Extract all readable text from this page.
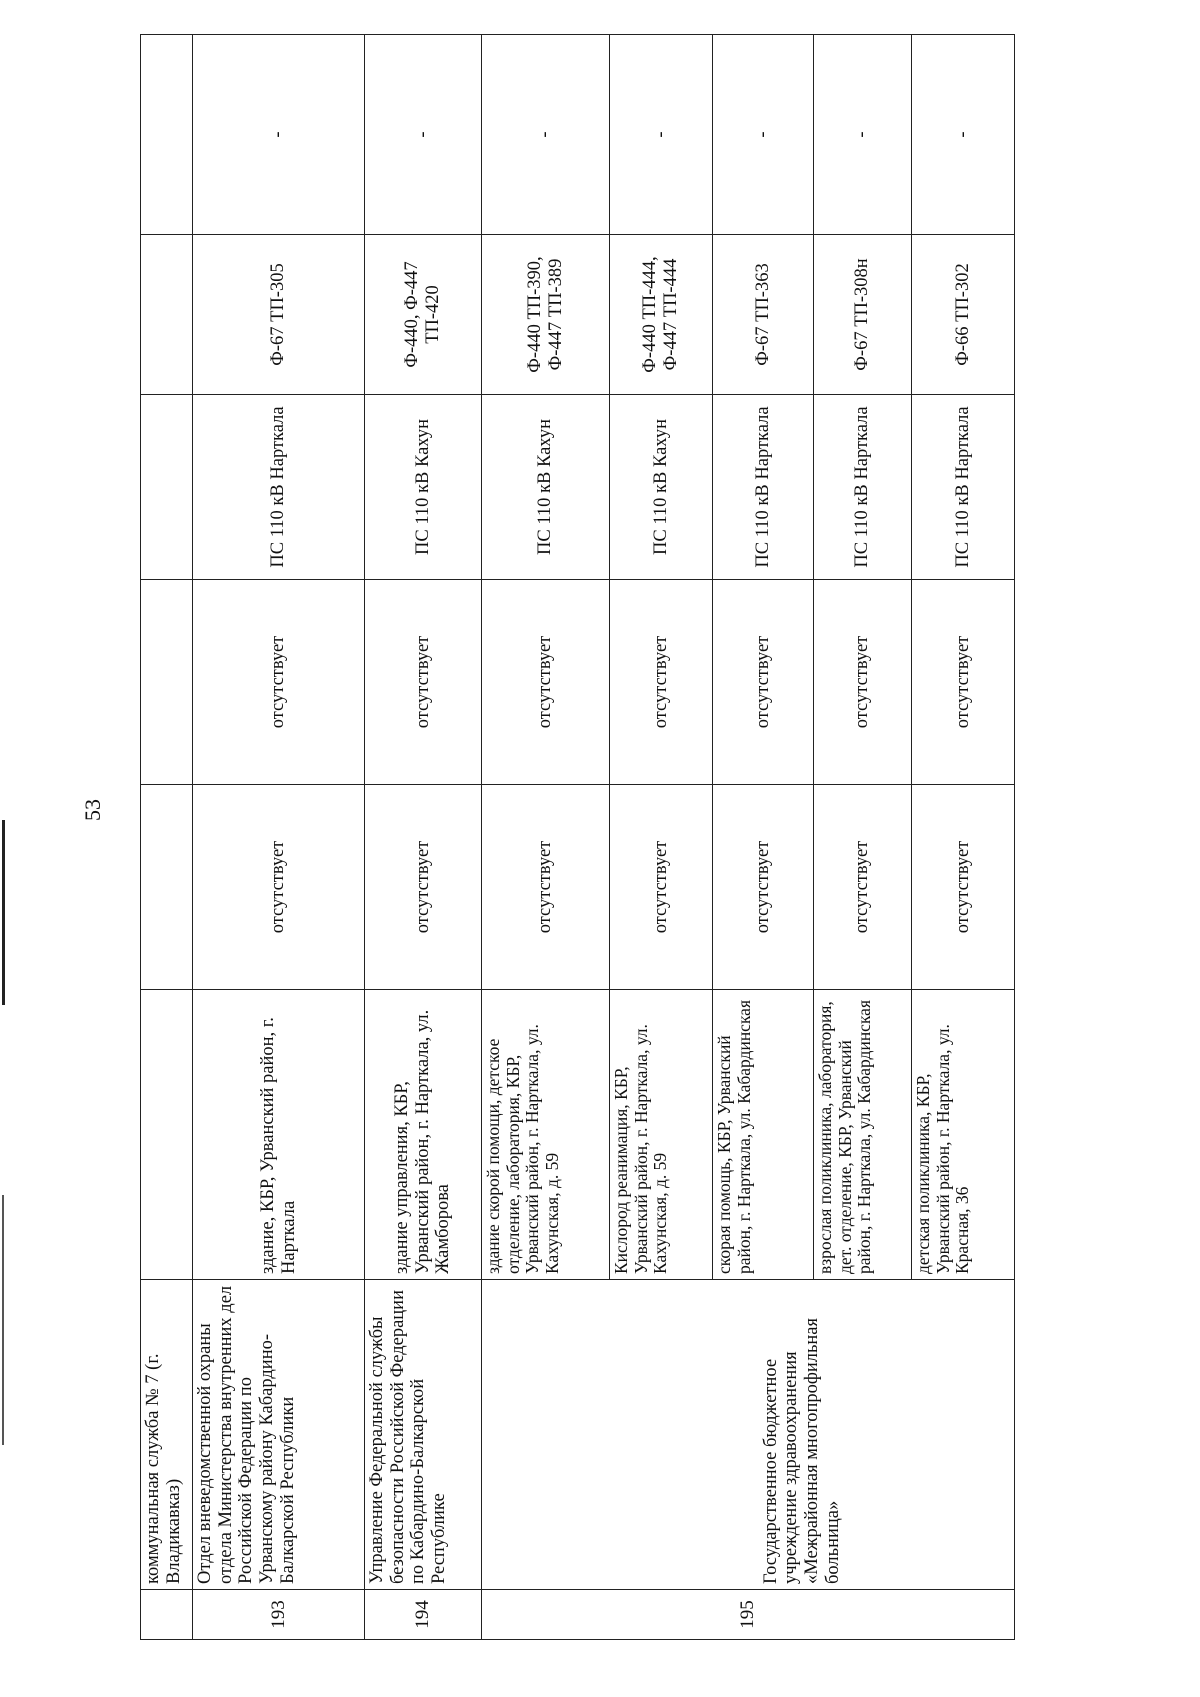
53
	коммунальная служба № 7 (г. Владикавказ)						
193	Отдел вневедомственной охраны отдела Министерства внутренних дел Российской Федерации по Урванскому району Кабардино-Балкарской Республики	здание, КБР, Урванский район, г. Нарткала	отсутствует	отсутствует	ПС 110 кВ Нарткала	Ф-67 ТП-305	-
194	Управление Федеральной службы безопасности Российской Федерации по Кабардино-Балкарской Республике	здание управления, КБР, Урванский район, г. Нарткала, ул. Жамборова	отсутствует	отсутствует	ПС 110 кВ Кахун	Ф-440, Ф-447 ТП-420	-
195	Государственное бюджетное учреждение здравоохранения «Межрайонная многопрофильная больница»	здание скорой помощи, детское отделение, лаборатория, КБР, Урванский район, г. Нарткала, ул. Кахунская, д. 59	отсутствует	отсутствует	ПС 110 кВ Кахун	Ф-440 ТП-390, Ф-447 ТП-389	-
		Кислород реанимация, КБР, Урванский район, г. Нарткала, ул. Кахунская, д. 59	отсутствует	отсутствует	ПС 110 кВ Кахун	Ф-440 ТП-444, Ф-447 ТП-444	-
		скорая помощь, КБР, Урванский район, г. Нарткала, ул. Кабардинская	отсутствует	отсутствует	ПС 110 кВ Нарткала	Ф-67 ТП-363	-
		взрослая поликлиника, лаборатория, дет. отделение, КБР, Урванский район, г. Нарткала, ул. Кабардинская	отсутствует	отсутствует	ПС 110 кВ Нарткала	Ф-67 ТП-308н	-
		детская поликлиника, КБР, Урванский район, г. Нарткала, ул. Красная, 36	отсутствует	отсутствует	ПС 110 кВ Нарткала	Ф-66 ТП-302	-
